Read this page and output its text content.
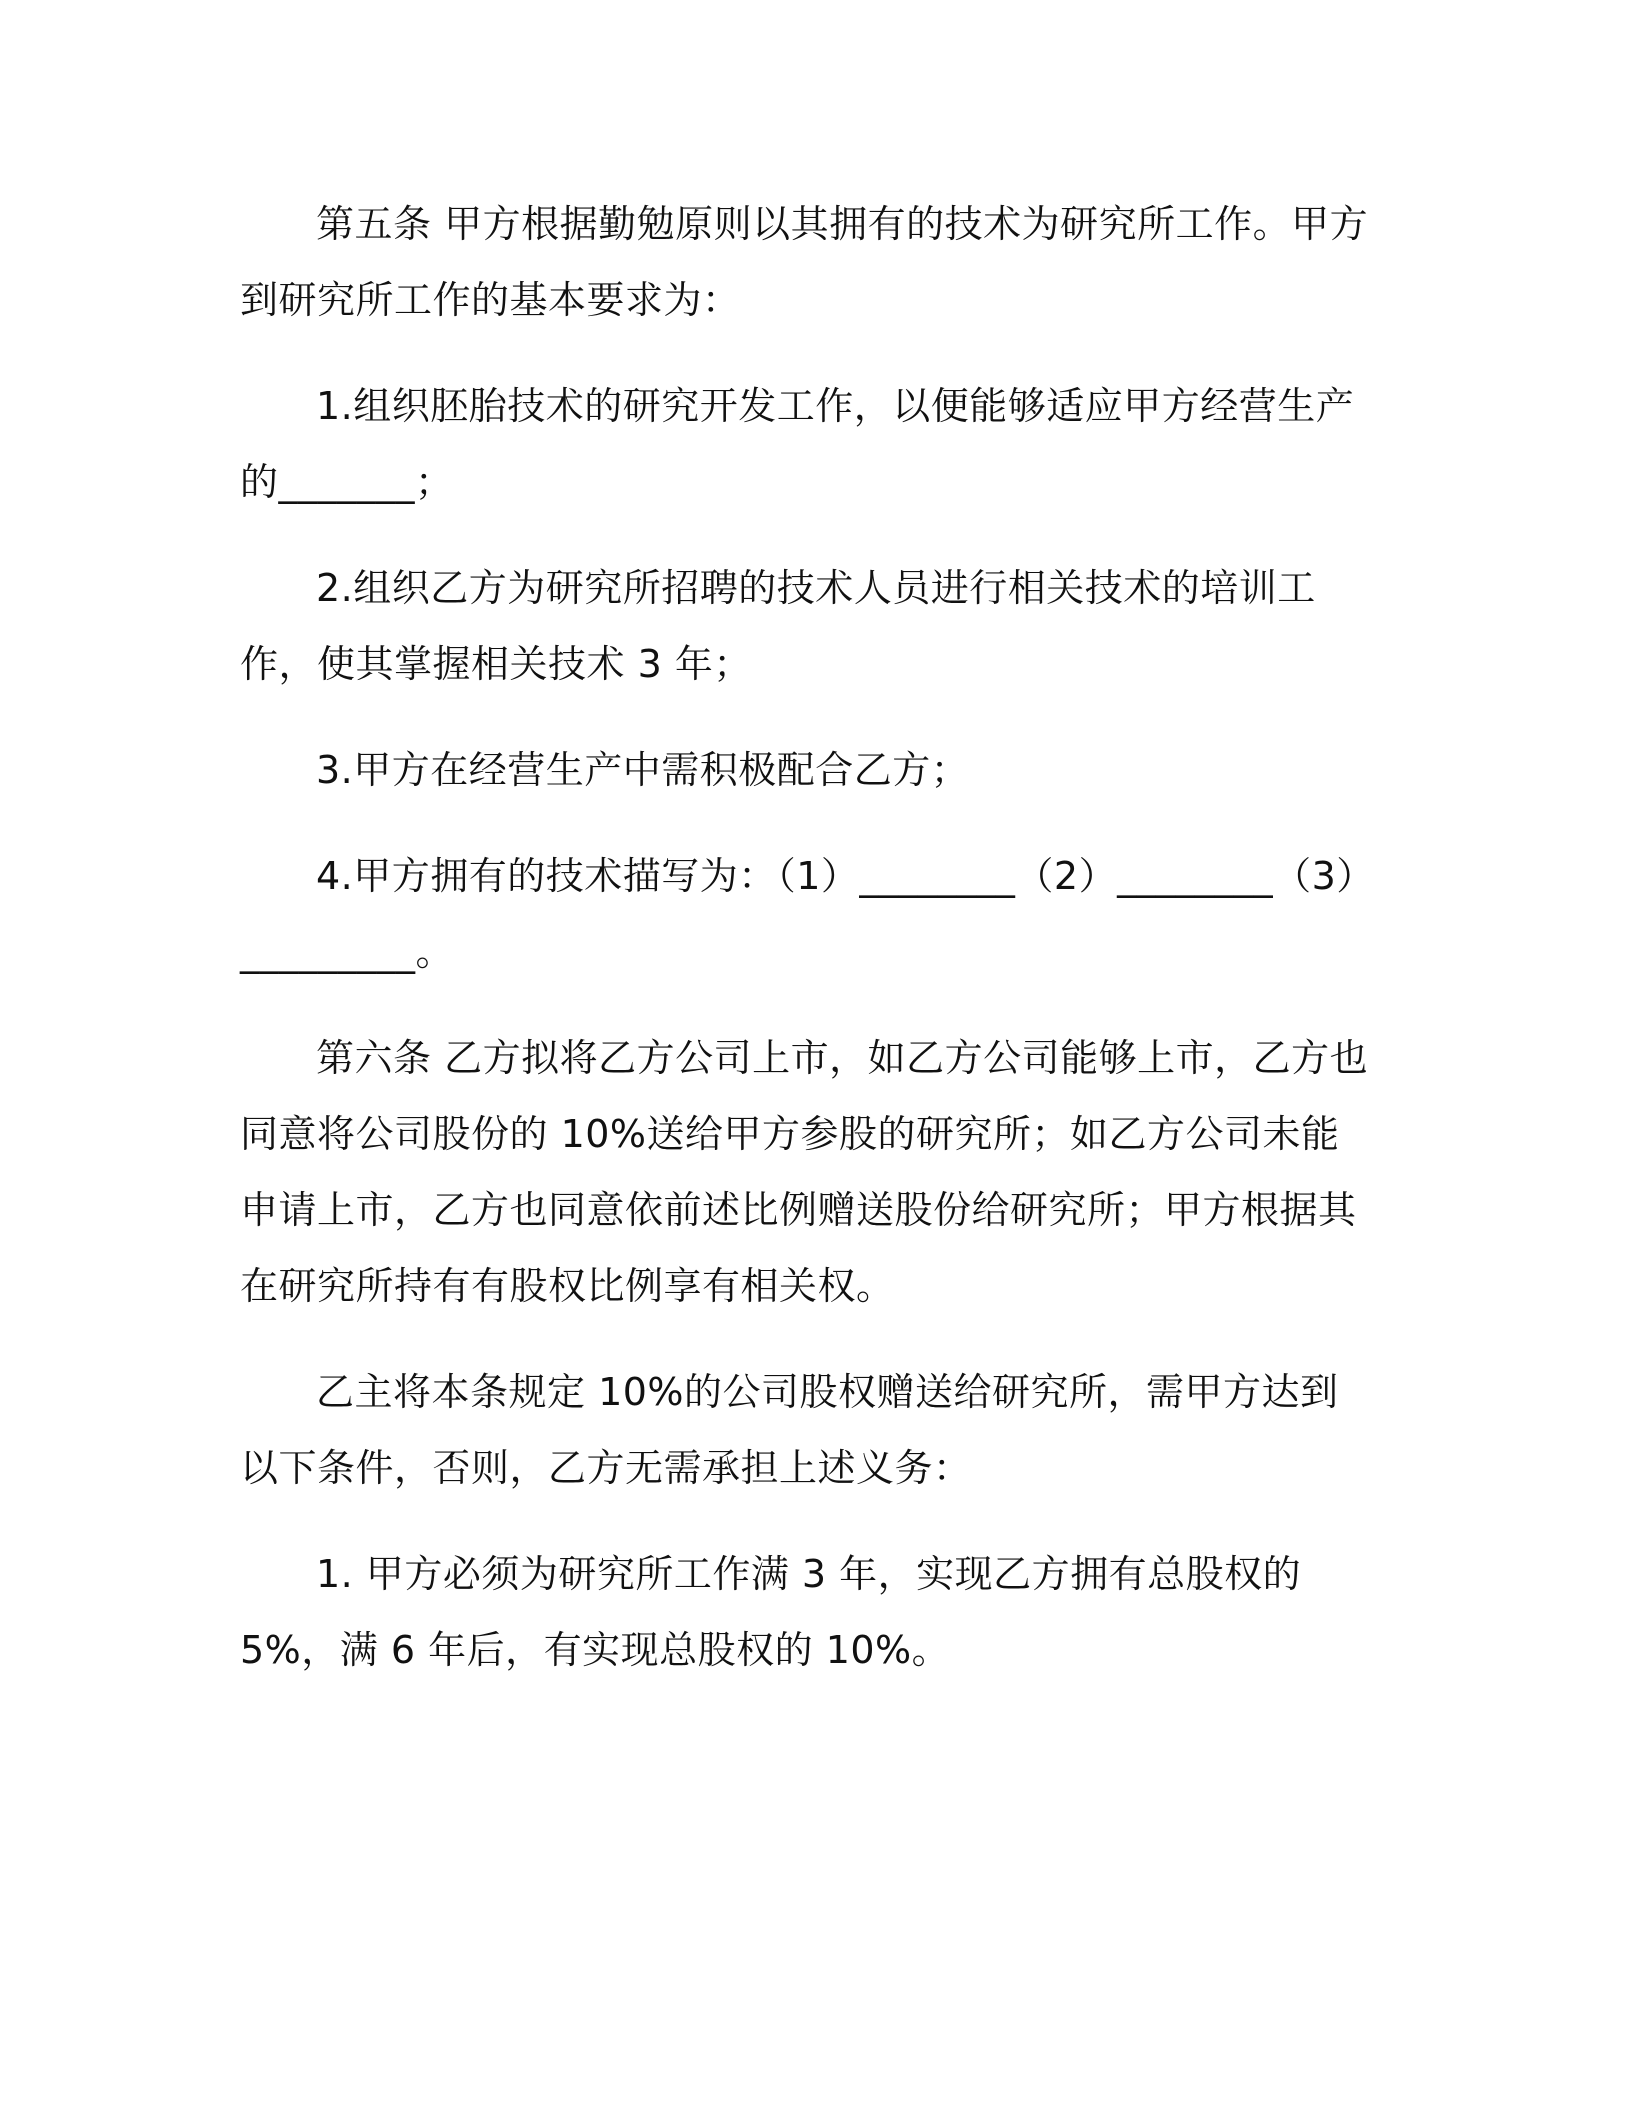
第五条 甲方根据勤勉原则以其拥有的技术为研究所工作。甲方到研究所工作的基本要求为：

1.组织胚胎技术的研究开发工作，以便能够适应甲方经营生产的_______；

2.组织乙方为研究所招聘的技术人员进行相关技术的培训工作，使其掌握相关技术 3 年；

3.甲方在经营生产中需积极配合乙方；

4.甲方拥有的技术描写为：（1）________（2）________（3）_________。

第六条 乙方拟将乙方公司上市，如乙方公司能够上市，乙方也同意将公司股份的 10%送给甲方参股的研究所；如乙方公司未能申请上市，乙方也同意依前述比例赠送股份给研究所；甲方根据其在研究所持有有股权比例享有相关权。

乙主将本条规定 10%的公司股权赠送给研究所，需甲方达到以下条件，否则，乙方无需承担上述义务：

1. 甲方必须为研究所工作满 3 年，实现乙方拥有总股权的 5%，满 6 年后，有实现总股权的 10%。
